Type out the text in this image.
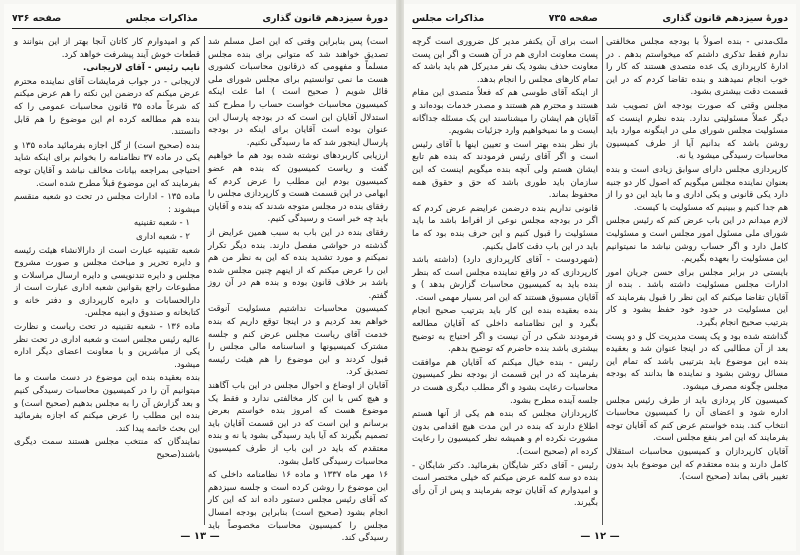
دورهٔ سیزدهم قانون گذاری
مذاکرات مجلس
صفحه ۷۳۶

است) پس بنابراین وقتی که این اصل مسلم شد تصدیق خواهند شد که متوانی برای بنده مجلس مسلماً و مفهومی که ذرقانون محاسبات کشوری هست ما نمی توانستیم برای مجلس شورای ملی قائل شویم ( صحیح است ) اما علت اینکه کمیسیون محاسبات خواست حساب را مطرح کند استدلال آقایان این است که در بودجه پارسال این عنوان بوده است آقایان برای اینکه در بودجه پارسال اینجور شد که ما رسیدگی نکنیم.

ارزیابی کاربردهای نوشته شده بود هم ما خواهیم گفت و ریاست کمیسیون که بنده هم عضو کمیسیون بودم این مطلب را عرض کردم که ابهامی در این قسمت هست و کارپردازی مجلس را رفقای بنده در مجلس متوجه شدند که بنده و آقایان باید چه خبر است و رسیدگی کنیم.

رفقای بنده در این باب به سبب همین عرایض از گذشته در حواشی مفصل دارند. بنده دیگر تکرار نمیکنم و مورد تشدید بنده که این به نظر من هم این را عرض میکنم که از اینهم چنین مجلس شده باشد بر خلاف قانون بوده و بنده هم در آن روز گفتم.

کمیسیون محاسبات نداشتیم مسئولیت آنوقت خواهم بعد کردیم و در اینجا توقع داریم که بنده خدمت آقای ریاست مجلس عرض کنم و جلسه مشترک کمیسیونها و اساسنامه مالی مجلس را قبول کردند و این موضوع را هم هیئت رئیسه تصدیق کرد.

آقایان از اوضاع و احوال مجلس در این باب آگاهند و هیچ کس با این کار مخالفتی ندارد و فقط یک موضوع هست که امروز بنده خواستم بعرض برسانم و این است که در این قسمت آقایان باید تصمیم بگیرند که آیا باید رسیدگی بشود یا نه و بنده معتقدم که باید در این باب از طرف کمیسیون محاسبات رسیدگی کامل بشود.

۱۶ مهر ماه ۱۳۳۷ و ماده ۱۶ نظامنامه داخلی که این موضوع را روشن کرده است و جلسه سیزدهم که آقای رئیس مجلس دستور داده اند که این کار انجام بشود (صحیح است) بنابراین بودجه امسال مجلس را کمیسیون محاسبات مخصوصاً باید رسیدگی کند.

کم و امیدوارم کار کاتان آنجا بهتر از این بنوانند و قطعات خوش آیند پیشرفت خواهد کرد.

نایب رئیس - آقای لاریجانی.

لاریجانی - در جواب فرمایشات آقای نماینده محترم عرض میکنم که درضمن این نکته را هم عرض میکنم که شرعاً ماده ۳۵ قانون محاسبات عمومی را که بنده هم مطالعه کرده ام این موضوع را هم قابل دانستند.

بنده (صحیح است) از گل اجازه بفرمائید ماده ۱۳۵ و یکی در ماده ۳۷ نظامنامه را بخوانم برای اینکه شاید احتیاجی بمراجعه بیانات مخالف نباشد و آقایان توجه بفرمایند که این موضوع قبلاً مطرح شده است.

ماده ۱۳۵ - ادارات مجلس در تحت دو شعبه منقسم میشوند :

۱ - شعبه تقنینیه

۲ - شعبه اداری

شعبه تقنینیه عبارت است از دارالانشاء هیئت رئیسه و دایره تحریر و مباحث مجلس و صورت مشروح مجلس و دایره تندنویسی و دایره ارسال مراسلات و مطبوعات راجع بقوانین شعبه اداری عبارت است از دارالحسابات و دایره کارپردازی و دفتر خانه و کتابخانه و صندوق و ابنیه مجلس.

ماده ۱۳۶ - شعبه تقنینیه در تحت ریاست و نظارت عالیه رئیس مجلس است و شعبه اداری در تحت نظر یکی از مباشرین و با معاونت اعضای دیگر اداره میشود.

بنده بعقیده بنده این موضوع در دست ماست و ما میتوانیم آن را در کمیسیون محاسبات رسیدگی کنیم و بعد گزارش آن را به مجلس بدهیم (صحیح است) و بنده این مطلب را عرض میکنم که اجازه بفرمائید این بحث خاتمه پیدا کند.

نمایندگان که منتخب مجلس هستند سمت دیگری باشند(صحیح

— ۱۳ —
دورهٔ سیزدهم قانون گذاری
صفحه ۷۳۵
مذاکرات مجلس

ملک‌مدنی - بنده اصولاً با بودجه مجلس مخالفتی ندارم فقط تذکری داشتم که میخواستم بدهم . در ادارهٔ کارپردازی یک عده متصدی هستند که کار را خوب انجام نمیدهند و بنده تقاضا کردم که در این قسمت دقت بیشتری بشود.

مجلس وقتی که صورت بودجه اش تصویب شد دیگر عملاً مسئولیتی ندارد. بنده نظرم اینست که مسئولیت مجلس شورای ملی در اینگونه موارد باید روشن باشد که بدانیم آیا از طرف کمیسیون محاسبات رسیدگی میشود یا نه.

کارپردازی مجلس دارای سوابق زیادی است و بنده بعنوان نماینده مجلس میگویم که اصول کار دو جنبه دارد یکی قانونی و یکی اداری و ما باید این دو را از هم جدا کنیم و ببینیم که مسئولیت با کیست.

لازم میدانم در این باب عرض کنم که رئیس مجلس شورای ملی مسئول امور مجلس است و مسئولیت کامل دارد و اگر حساب روشن نباشد ما نمیتوانیم این مسئولیت را بعهده بگیریم.

بایستی در برابر مجلس برای حسن جریان امور ادارات مجلس مسئولیت داشته باشد . بنده از آقایان تقاضا میکنم که این نظر را قبول بفرمایند که این مسئولیت در حدود خود حفظ بشود و کار بترتیب صحیح انجام بگیرد.

گذاشته شده بود و یک پست مدیریت کل و دو پست بعد از آن مطالبی که در اینجا عنوان شد و بعقیده بنده این موضوع باید بترتیبی باشد که تمام این مسائل روشن بشود و نماینده ها بدانند که بودجه مجلس چگونه مصرف میشود.

کمیسیون کار پردازی باید از طرف رئیس مجلس اداره شود و اعضای آن را کمیسیون محاسبات انتخاب کند. بنده خواستم عرض کنم که آقایان توجه بفرمایند که این امر بنفع مجلس است.

آقایان کارپردازان و کمیسیون محاسبات استقلال کامل دارند و بنده معتقدم که این موضوع باید بدون تغییر باقی بماند (صحیح است).

است برای آن یکنفر مدیر کل ضروری است گرچه پست معاونت اداری هم در آن هست و اگر این پست معاونت حذف بشود یک نفر مدیرکل هم باید باشد که تمام کارهای مجلس را انجام بدهد.

از اینکه آقای طوسی هم که فعلاً متصدی این مقام هستند و محترم هم هستند و مصدر خدمات بوده‌اند و آقایان هم ایشان را میشناسند این یک مسئله جداگانه ایست و ما نمیخواهیم وارد جزئیات بشویم.

باز نظر بنده بهتر است و تعیین اینها با آقای رئیس است و اگر آقای رئیس فرمودند که بنده هم تابع ایشان هستم ولی آنچه بنده میگویم اینست که این سازمان باید طوری باشد که حق و حقوق همه محفوظ بماند.

قانونی نداریم بنده درضمن عرایضم عرض کردم که اگر در بودجه مجلس نوعی از افراط باشد ما باید مسئولیت را قبول کنیم و این حرف بنده بود که ما باید در این باب دقت کامل بکنیم.

(شهردوست - آقای کارپردازی دارد) (داشته باشد کارپردازی که در واقع نماینده مجلس است که بنظر بنده باید به کمیسیون محاسبات گزارش بدهد ) و آقایان مسبوق هستند که این امر بسیار مهمی است.

بنده بعقیده بنده این کار باید بترتیب صحیح انجام بگیرد و این نظامنامه داخلی که آقایان مطالعه فرمودند شکی در آن نیست و اگر احتیاج به توضیح بیشتری باشد بنده حاضرم که توضیح بدهم.

رئیس - بنده خیال میکنم که آقایان هم موافقت بفرمایند که در این قسمت از بودجه نظر کمیسیون محاسبات رعایت بشود و اگر مطلب دیگری هست در جلسه آینده مطرح بشود.

کارپردازان مجلس که بنده هم یکی از آنها هستم اطلاع دارند که بنده در این مدت هیچ اقدامی بدون مشورت نکرده ام و همیشه نظر کمیسیون را رعایت کرده ام (صحیح است).

رئیس - آقای دکتر شایگان بفرمائید. دکتر شایگان - بنده دو سه کلمه عرض میکنم که خیلی مختصر است و امیدوارم که آقایان توجه بفرمایند و پس از آن رأی بگیرند.

— ۱۲ —
